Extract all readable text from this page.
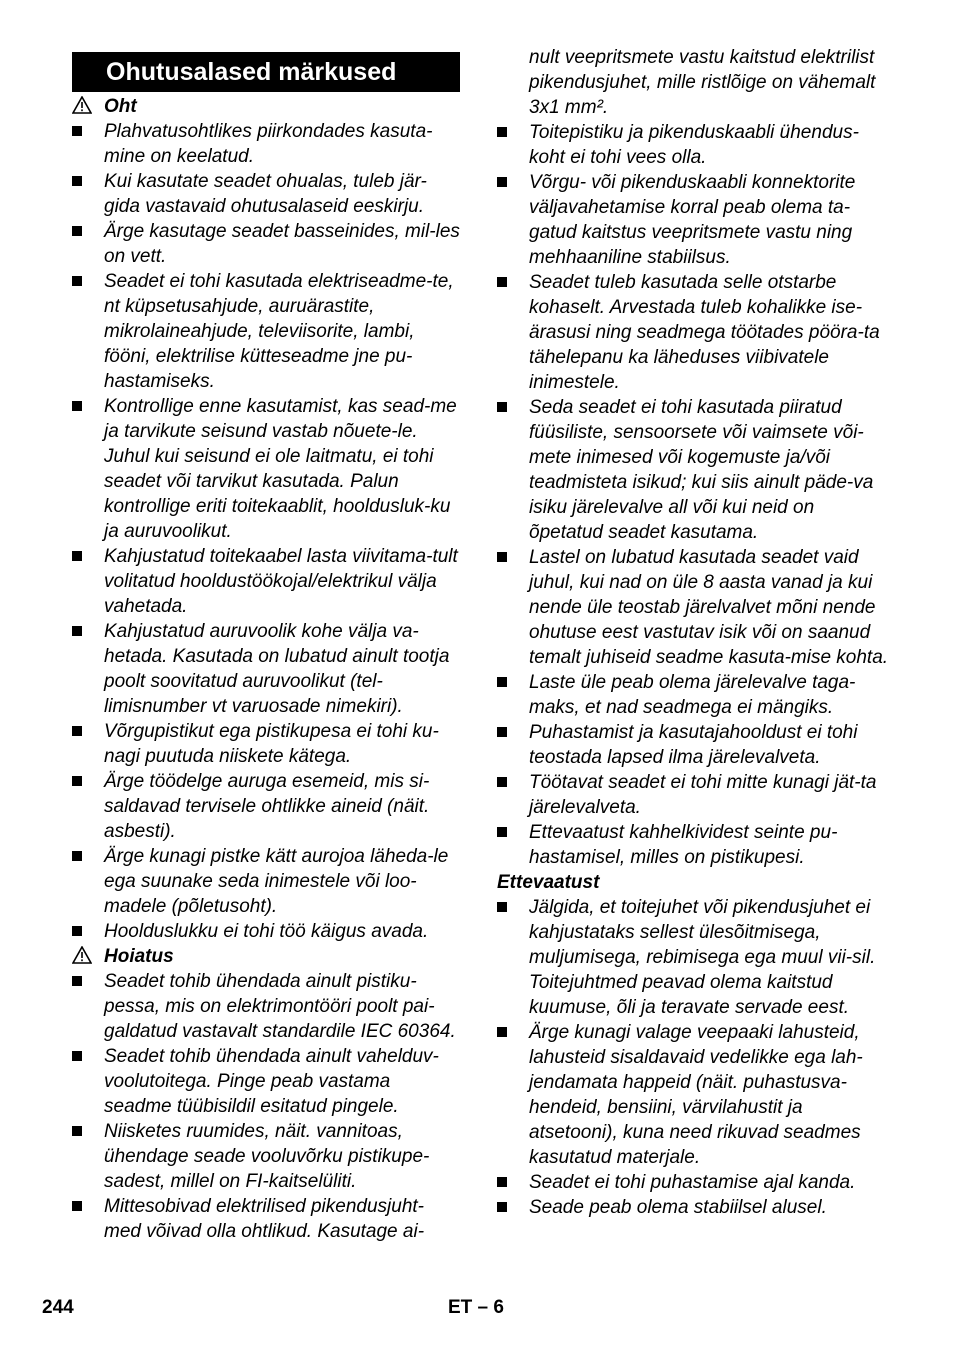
Ohutusalased märkused
Oht

Plahvatusohtlikes piirkondades kasuta-mine on keelatud.

Kui kasutate seadet ohualas, tuleb jär-gida vastavaid ohutusalaseid eeskirju.

Ärge kasutage seadet basseinides, mil-les on vett.

Seadet ei tohi kasutada elektriseadme-te, nt küpsetusahjude, auruärastite, mikrolaineahjude, televiisorite, lambi, fööni, elektrilise kütteseadme jne pu-hastamiseks.

Kontrollige enne kasutamist, kas sead-me ja tarvikute seisund vastab nõuete-le. Juhul kui seisund ei ole laitmatu, ei tohi seadet või tarvikut kasutada. Palun kontrollige eriti toitekaablit, hooldusluk-ku ja auruvoolikut.

Kahjustatud toitekaabel lasta viivitama-tult volitatud hooldustöökojal/elektrikul välja vahetada.

Kahjustatud auruvoolik kohe välja va-hetada. Kasutada on lubatud ainult tootja poolt soovitatud auruvoolikut (tel-limisnumber vt varuosade nimekiri).

Võrgupistikut ega pistikupesa ei tohi ku-nagi puutuda niiskete kätega.

Ärge töödelge auruga esemeid, mis si-saldavad tervisele ohtlikke aineid (näit. asbesti).

Ärge kunagi pistke kätt aurojoa läheda-le ega suunake seda inimestele või loo-madele (põletusoht).

Hoolduslukku ei tohi töö käigus avada.

Hoiatus

Seadet tohib ühendada ainult pistiku-pessa, mis on elektrimontööri poolt pai-galdatud vastavalt standardile IEC 60364.

Seadet tohib ühendada ainult vahelduv-voolutoitega. Pinge peab vastama seadme tüübisildil esitatud pingele.

Niisketes ruumides, näit. vannitoas, ühendage seade vooluvõrku pistikupe-sadest, millel on FI-kaitselüliti.

Mittesobivad elektrilised pikendusjuht-med võivad olla ohtlikud. Kasutage ai-

nult veepritsmete vastu kaitstud elektrilist pikendusjuhet, mille ristlõige on vähemalt 3x1 mm².

Toitepistiku ja pikenduskaabli ühendus-koht ei tohi vees olla.

Võrgu- või pikenduskaabli konnektorite väljavahetamise korral peab olema ta-gatud kaitstus veepritsmete vastu ning mehhaaniline stabiilsus.

Seadet tuleb kasutada selle otstarbe kohaselt. Arvestada tuleb kohalikke ise-ärasusi ning seadmega töötades pööra-ta tähelepanu ka läheduses viibivatele inimestele.

Seda seadet ei tohi kasutada piiratud füüsiliste, sensoorsete või vaimsete või-mete inimesed või kogemuste ja/või teadmisteta isikud; kui siis ainult päde-va isiku järelevalve all või kui neid on õpetatud seadet kasutama.

Lastel on lubatud kasutada seadet vaid juhul, kui nad on üle 8 aasta vanad ja kui nende üle teostab järelvalvet mõni nende ohutuse eest vastutav isik või on saanud temalt juhiseid seadme kasuta-mise kohta.

Laste üle peab olema järelevalve taga-maks, et nad seadmega ei mängiks.

Puhastamist ja kasutajahooldust ei tohi teostada lapsed ilma järelevalveta.

Töötavat seadet ei tohi mitte kunagi jät-ta järelevalveta.

Ettevaatust kahhelkividest seinte pu-hastamisel, milles on pistikupesi.

Ettevaatust

Jälgida, et toitejuhet või pikendusjuhet ei kahjustataks sellest ülesõitmisega, muljumisega, rebimisega ega muul vii-sil. Toitejuhtmed peavad olema kaitstud kuumuse, õli ja teravate servade eest.

Ärge kunagi valage veepaaki lahusteid, lahusteid sisaldavaid vedelikke ega lah-jendamata happeid (näit. puhastusva-hendeid, bensiini, värvilahustit ja atsetooni), kuna need rikuvad seadmes kasutatud materjale.

Seadet ei tohi puhastamise ajal kanda.

Seade peab olema stabiilsel alusel.

244	ET – 6
